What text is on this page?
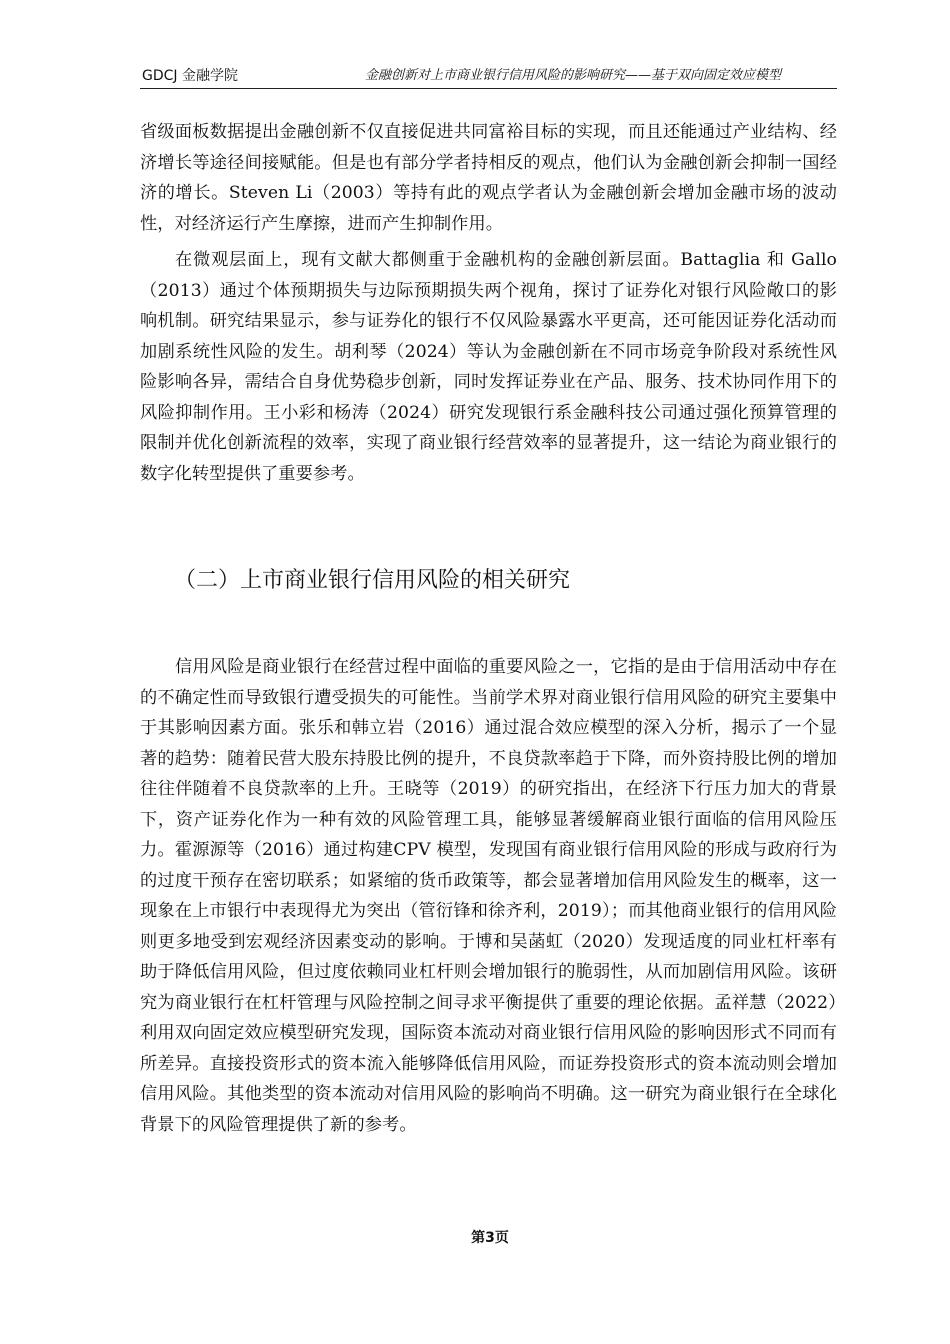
GDCJ 金融学院	金融创新对上市商业银行信用风险的影响研究——基于双向固定效应模型

省级面板数据提出金融创新不仅直接促进共同富裕目标的实现，而且还能通过产业结构、经济增长等途径间接赋能。但是也有部分学者持相反的观点，他们认为金融创新会抑制一国经济的增长。Steven Li（2003）等持有此的观点学者认为金融创新会增加金融市场的波动性，对经济运行产生摩擦，进而产生抑制作用。

在微观层面上，现有文献大都侧重于金融机构的金融创新层面。Battaglia 和 Gallo（2013）通过个体预期损失与边际预期损失两个视角，探讨了证券化对银行风险敞口的影响机制。研究结果显示，参与证券化的银行不仅风险暴露水平更高，还可能因证券化活动而加剧系统性风险的发生。胡利琴（2024）等认为金融创新在不同市场竞争阶段对系统性风险影响各异，需结合自身优势稳步创新，同时发挥证券业在产品、服务、技术协同作用下的风险抑制作用。王小彩和杨涛（2024）研究发现银行系金融科技公司通过强化预算管理的限制并优化创新流程的效率，实现了商业银行经营效率的显著提升，这一结论为商业银行的数字化转型提供了重要参考。

（二）上市商业银行信用风险的相关研究

信用风险是商业银行在经营过程中面临的重要风险之一，它指的是由于信用活动中存在的不确定性而导致银行遭受损失的可能性。当前学术界对商业银行信用风险的研究主要集中于其影响因素方面。张乐和韩立岩（2016）通过混合效应模型的深入分析，揭示了一个显著的趋势：随着民营大股东持股比例的提升，不良贷款率趋于下降，而外资持股比例的增加往往伴随着不良贷款率的上升。王晓等（2019）的研究指出，在经济下行压力加大的背景下，资产证券化作为一种有效的风险管理工具，能够显著缓解商业银行面临的信用风险压力。霍源源等（2016）通过构建CPV 模型，发现国有商业银行信用风险的形成与政府行为的过度干预存在密切联系；如紧缩的货币政策等，都会显著增加信用风险发生的概率，这一现象在上市银行中表现得尤为突出（管衍锋和徐齐利，2019）；而其他商业银行的信用风险则更多地受到宏观经济因素变动的影响。于博和吴菡虹（2020）发现适度的同业杠杆率有助于降低信用风险，但过度依赖同业杠杆则会增加银行的脆弱性，从而加剧信用风险。该研究为商业银行在杠杆管理与风险控制之间寻求平衡提供了重要的理论依据。孟祥慧（2022）利用双向固定效应模型研究发现，国际资本流动对商业银行信用风险的影响因形式不同而有所差异。直接投资形式的资本流入能够降低信用风险，而证券投资形式的资本流动则会增加信用风险。其他类型的资本流动对信用风险的影响尚不明确。这一研究为商业银行在全球化背景下的风险管理提供了新的参考。

第3页
